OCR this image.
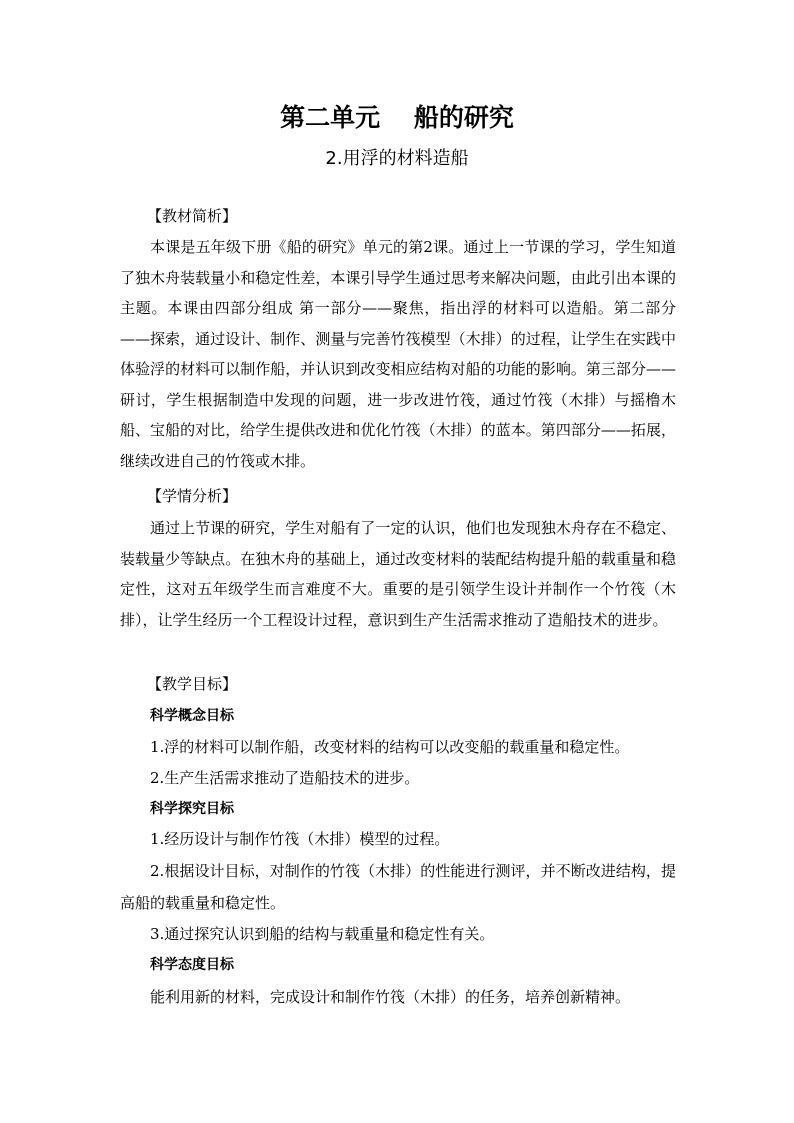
第二单元　 船的研究
2.用浮的材料造船
【教材简析】

本课是五年级下册《船的研究》单元的第2课。通过上一节课的学习，学生知道了独木舟装载量小和稳定性差，本课引导学生通过思考来解决问题，由此引出本课的主题。本课由四部分组成 第一部分——聚焦，指出浮的材料可以造船。第二部分——探索，通过设计、制作、测量与完善竹筏模型（木排）的过程，让学生在实践中体验浮的材料可以制作船，并认识到改变相应结构对船的功能的影响。第三部分——研讨，学生根据制造中发现的问题，进一步改进竹筏，通过竹筏（木排）与摇橹木船、宝船的对比，给学生提供改进和优化竹筏（木排）的蓝本。第四部分——拓展，继续改进自己的竹筏或木排。

【学情分析】

通过上节课的研究，学生对船有了一定的认识，他们也发现独木舟存在不稳定、装载量少等缺点。在独木舟的基础上，通过改变材料的装配结构提升船的载重量和稳定性，这对五年级学生而言难度不大。重要的是引领学生设计并制作一个竹筏（木排），让学生经历一个工程设计过程，意识到生产生活需求推动了造船技术的进步。

【教学目标】
科学概念目标

1.浮的材料可以制作船，改变材料的结构可以改变船的载重量和稳定性。

2.生产生活需求推动了造船技术的进步。

科学探究目标

1.经历设计与制作竹筏（木排）模型的过程。

2.根据设计目标，对制作的竹筏（木排）的性能进行测评，并不断改进结构，提高船的载重量和稳定性。

3.通过探究认识到船的结构与载重量和稳定性有关。

科学态度目标

能利用新的材料，完成设计和制作竹筏（木排）的任务，培养创新精神。
